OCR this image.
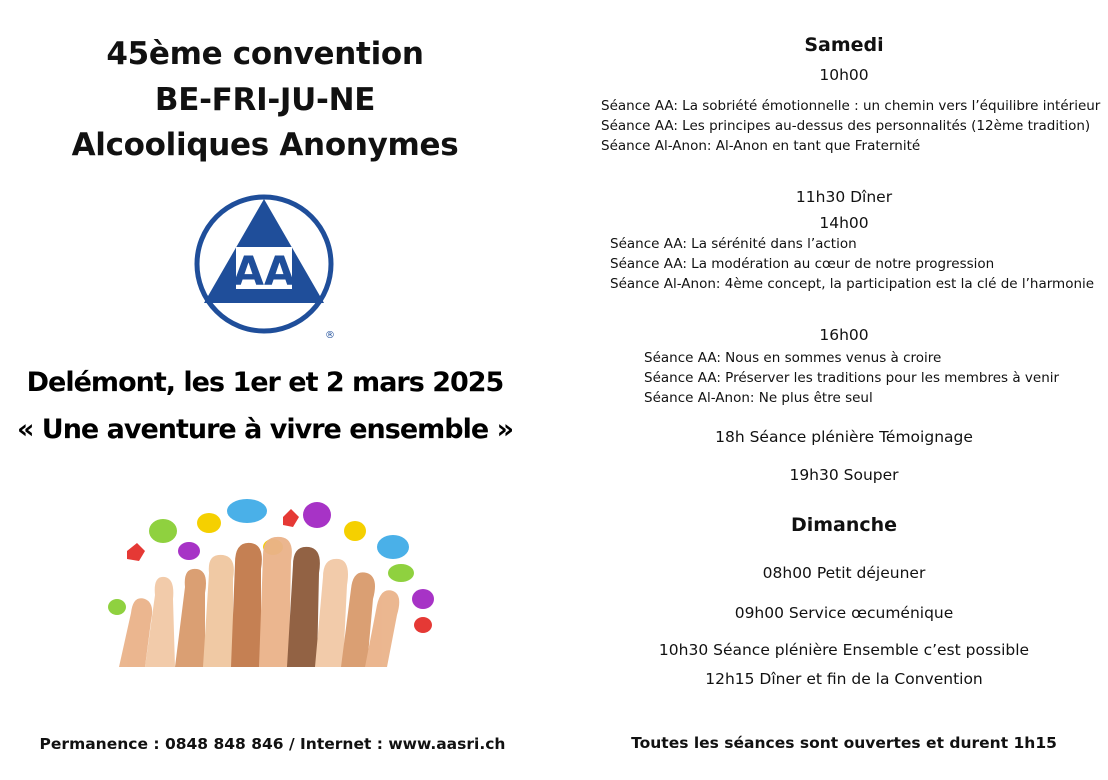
45ème convention
BE-FRI-JU-NE
Alcooliques Anonymes
AA
®
Delémont, les 1er et 2 mars 2025
« Une aventure à vivre ensemble »
Permanence : 0848 848 846 / Internet : www.aasri.ch
Samedi
10h00
Séance AA: La sobriété émotionnelle : un chemin vers l’équilibre intérieur
Séance AA: Les principes au-dessus des personnalités (12ème tradition)
Séance Al-Anon: Al-Anon en tant que Fraternité
11h30 Dîner
14h00
Séance AA: La sérénité dans l’action
Séance AA: La modération au cœur de notre progression
Séance Al-Anon: 4ème concept, la participation est la clé de l’harmonie
16h00
Séance AA: Nous en sommes venus à croire
Séance AA: Préserver les traditions pour les membres à venir
Séance Al-Anon: Ne plus être seul
18h Séance plénière Témoignage
19h30 Souper
Dimanche
08h00 Petit déjeuner
09h00 Service œcuménique
10h30 Séance plénière Ensemble c’est possible
12h15 Dîner et fin de la Convention
Toutes les séances sont ouvertes et durent 1h15
